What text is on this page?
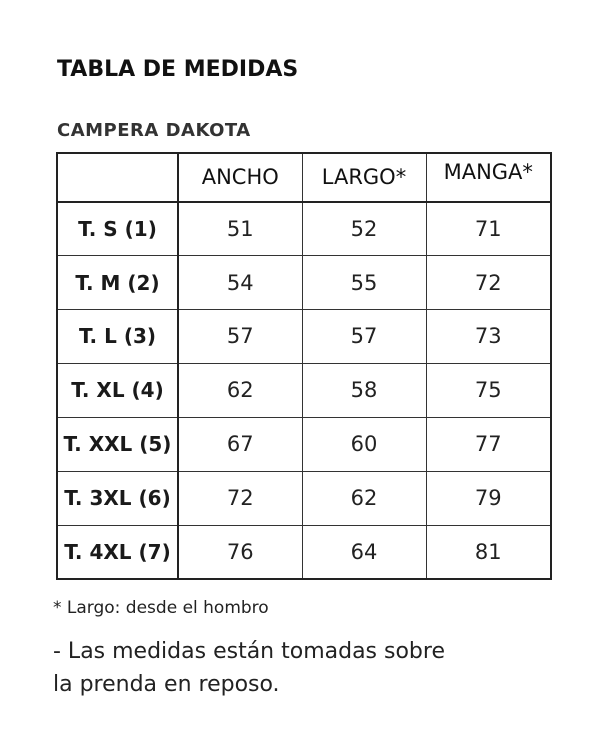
TABLA DE MEDIDAS
CAMPERA DAKOTA
	ANCHO	LARGO*	MANGA*
T. S (1)	51	52	71
T. M (2)	54	55	72
T. L (3)	57	57	73
T. XL (4)	62	58	75
T. XXL (5)	67	60	77
T. 3XL (6)	72	62	79
T. 4XL (7)	76	64	81
* Largo: desde el hombro
- Las medidas están tomadas sobre
la prenda en reposo.
